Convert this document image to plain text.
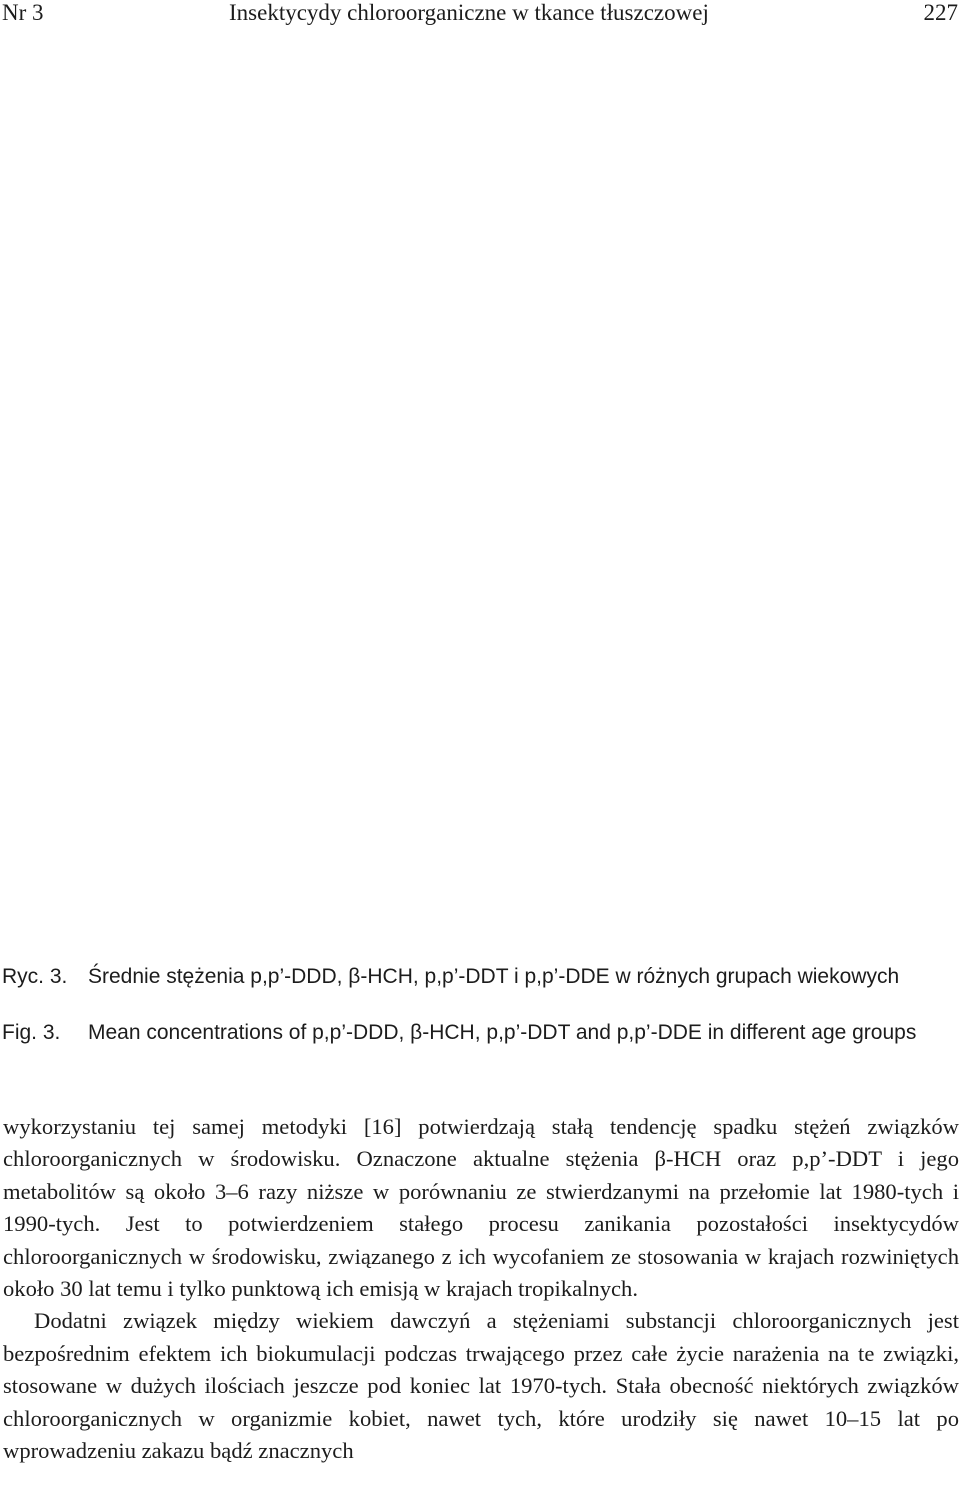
Nr 3	Insektycydy chloroorganiczne w tkance tłuszczowej	227
Ryc. 3. Średnie stężenia p,p’-DDD, β-HCH, p,p’-DDT i p,p’-DDE w różnych grupach wiekowych
Fig. 3. Mean concentrations of p,p’-DDD, β-HCH, p,p’-DDT and p,p’-DDE in different age groups

wykorzystaniu tej samej metodyki [16] potwierdzają stałą tendencję spadku stężeń związków chloroorganicznych w środowisku. Oznaczone aktualne stężenia β-HCH oraz p,p’-DDT i jego metabolitów są około 3–6 razy niższe w porównaniu ze stwierdzanymi na przełomie lat 1980-tych i 1990-tych. Jest to potwierdzeniem stałego procesu zanikania pozostałości insektycydów chloroorganicznych w środowisku, związanego z ich wycofaniem ze stosowania w krajach rozwiniętych około 30 lat temu i tylko punktową ich emisją w krajach tropikalnych.

Dodatni związek między wiekiem dawczyń a stężeniami substancji chloroorganicznych jest bezpośrednim efektem ich biokumulacji podczas trwającego przez całe życie narażenia na te związki, stosowane w dużych ilościach jeszcze pod koniec lat 1970-tych. Stała obecność niektórych związków chloroorganicznych w organizmie kobiet, nawet tych, które urodziły się nawet 10–15 lat po wprowadzeniu zakazu bądź znacznych
